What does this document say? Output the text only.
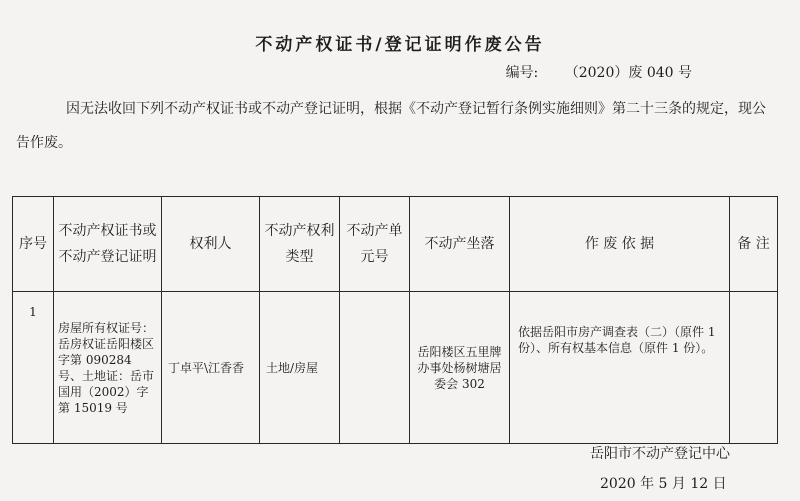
不动产权证书/登记证明作废公告
编号: （2020）废 040 号
因无法收回下列不动产权证书或不动产登记证明，根据《不动产登记暂行条例实施细则》第二十三条的规定，现公告作废。
序号	不动产权证书或不动产登记证明	权利人	不动产权利类型	不动产单元号	不动产坐落	作 废 依 据	备 注
1	房屋所有权证号：岳房权证岳阳楼区字第 090284 号、土地证：岳市国用（2002）字第 15019 号	丁卓平\江香香	土地/房屋		岳阳楼区五里牌办事处杨树塘居委会 302	依据岳阳市房产调查表（二）（原件 1 份）、所有权基本信息（原件 1 份）。	
岳阳市不动产登记中心
2020 年 5 月 12 日
